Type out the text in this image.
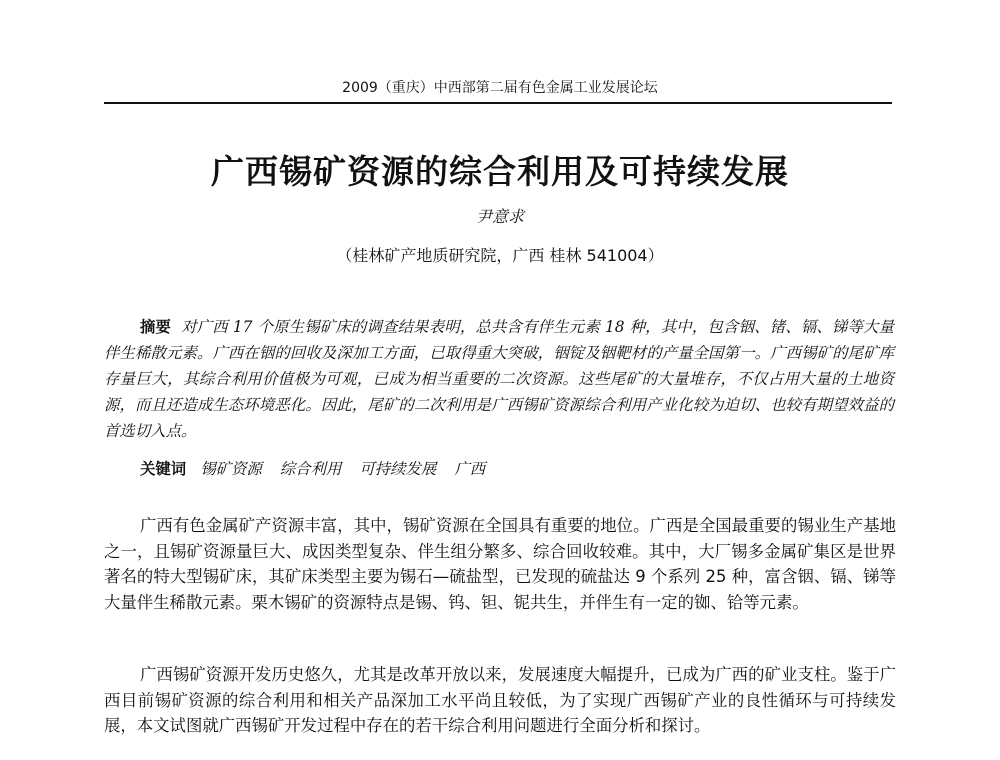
2009（重庆）中西部第二届有色金属工业发展论坛
广西锡矿资源的综合利用及可持续发展
尹意求
（桂林矿产地质研究院，广西 桂林 541004）

摘要 对广西 17 个原生锡矿床的调查结果表明，总共含有伴生元素 18 种，其中，包含铟、锗、镉、锑等大量伴生稀散元素。广西在铟的回收及深加工方面，已取得重大突破，铟锭及铟靶材的产量全国第一。广西锡矿的尾矿库存量巨大，其综合利用价值极为可观，已成为相当重要的二次资源。这些尾矿的大量堆存，不仅占用大量的土地资源，而且还造成生态环境恶化。因此，尾矿的二次利用是广西锡矿资源综合利用产业化较为迫切、也较有期望效益的首选切入点。

关键词 锡矿资源 综合利用 可持续发展 广西

广西有色金属矿产资源丰富，其中，锡矿资源在全国具有重要的地位。广西是全国最重要的锡业生产基地之一，且锡矿资源量巨大、成因类型复杂、伴生组分繁多、综合回收较难。其中，大厂锡多金属矿集区是世界著名的特大型锡矿床，其矿床类型主要为锡石—硫盐型，已发现的硫盐达 9 个系列 25 种，富含铟、镉、锑等大量伴生稀散元素。栗木锡矿的资源特点是锡、钨、钽、铌共生，并伴生有一定的铷、铪等元素。

广西锡矿资源开发历史悠久，尤其是改革开放以来，发展速度大幅提升，已成为广西的矿业支柱。鉴于广西目前锡矿资源的综合利用和相关产品深加工水平尚且较低，为了实现广西锡矿产业的良性循环与可持续发展，本文试图就广西锡矿开发过程中存在的若干综合利用问题进行全面分析和探讨。
